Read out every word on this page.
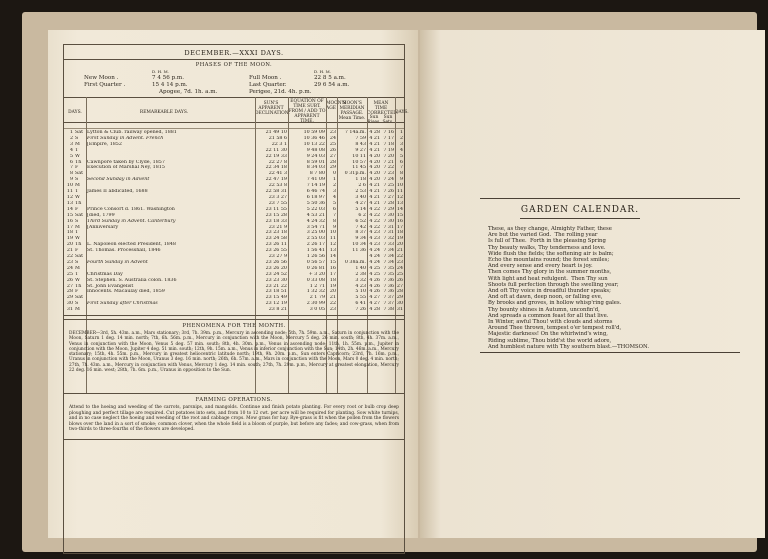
DECEMBER.—XXXI DAYS.
PHASES OF THE MOON.
D. H. M.	D. H. M.
New Moon .	7 4 56 p.m.
First Quarter .	15 4 14 p.m.
Full Moon .	22 8 5 a.m.
Last Quarter.	29 6 54 a.m.
Apogee, 7d. 1h. a.m.	Perigee, 21d. 4h. p.m.
DAYS.	REMARKABLE DAYS.
SUN'S APPARENT DECLINATION.
EQUATION OF TIME SUBT. FROM / ADD TO APPARENT TIME.
MOON'S AGE
MOON'S MERIDIAN PASSAGE. Mean Time.
MEAN TIME CORRECTED.
Sun Rises.
Sun Sets.
DAYS.
1	Sat	Lytton & Club. railway opened, 1881	21 49 10	10 59 09	23	7 14a.m.	4 28	7 16	1
2	S	First Sunday in Advent. French	21 58 6	10 36 46	24	7 59	4 21	7 17	2
3	M	[Empire, 1852	22 3 1	10 13 22	25	8 43	4 21	7 18	3
4	T		22 11 30	9 48 08	26	9 27	4 21	7 19	4
5	W		22 19 33	9 24 03	27	10 11	4 20	7 20	5
6	Th	Cawnpore taken by Clyde, 1857	22 27 8	8 59 01	28	10 57	4 20	7 21	6
7	F	Execution of Marshal Ney, 1815	22 34 18	8 34 03	29	11 45	4 20	7 22	7
8	Sat		22 41 3	8 7 80	0	0 31p.m.	4 20	7 23	8
9	S	Second Sunday in Advent	22 47 19	7 41 09	1	1 18	4 20	7 24	9
10	M		22 53 8	7 14 19	2	2 6	4 21	7 25	10
11	T	James II abdicated, 1688	22 58 31	6 46 74	3	2 53	4 21	7 26	11
12	W		23 3 27	6 18 97	4	3 40	4 21	7 27	12
13	Th		23 7 55	5 50 36	5	4 27	4 21	7 28	13
14	F	Prince Consort d. 1861. Washington	23 11 55	5 22 03	6	5 14	4 22	7 29	14
15	Sat	[died, 1799	23 15 28	4 53 21	7	6 2	4 22	7 30	15
16	S	Third Sunday in Advent. Canterbury	23 18 33	4 24 32	8	6 52	4 22	7 30	16
17	M	[Anniversary	23 21 9	3 54 71	9	7 42	4 22	7 31	17
18	T		23 23 18	3 25 00	10	8 37	4 23	7 31	18
19	W		23 24 58	2 55 03	11	9 34	4 23	7 32	19
20	Th	L. Napoleon elected President, 1848	23 26 11	2 26 17	12	10 34	4 23	7 33	20
21	F	St. Thomas. Processhall, 1846	23 26 55	1 56 41	13	11 36	4 24	7 34	21
22	Sat		23 27 9	1 26 56	14		4 24	7 34	22
23	S	Fourth Sunday in Advent	23 26 56	0 56 57	15	0 38a.m.	4 24	7 34	23
24	M		23 26 20	0 26 81	16	1 40	4 25	7 35	24
25	T	Christmas Day	23 24 52	+ 3 20	17	2 38	4 25	7 35	25
26	W	St. Stephen. S. Australia colon. 1836	23 23 30	0 33 08	18	3 32	4 26	7 36	26
27	Th	St. John Evangelist	23 21 22	1 2 71	19	4 23	4 26	7 36	27
28	F	Innocents. Macaulay died, 1859	23 18 51	1 32 32	20	5 10	4 26	7 36	28
29	Sat		23 15 49	2 1 79	21	5 55	4 27	7 37	29
30	S	First Sunday after Christmas	23 12 19	2 30 99	22	6 41	4 27	7 37	30
31	M		23 8 21	3 0 05	23	7 26	4 28	7 38	31
PHENOMENA FOR THE MONTH.
DECEMBER—3rd, 5h. 43m. a.m., Mars stationary; 3rd, 7h. 39m. p.m., Mercury in ascending node; 5th, 7h. 59m. a.m., Saturn in conjunction with the Moon, Saturn 1 deg. 14 min. north; 7th, 6h. 56m. p.m., Mercury in conjunction with the Moon, Mercury 5 deg. 26 min. south; 8th, 4h. 37m. a.m., Venus in conjunction with the Moon, Venus 5 deg. 57 min. south; 8th, 4h. 30m. p.m., Venus in ascending node; 11th, 1h. 55m. p.m., Jupiter in conjunction with the Moon, Jupiter 4 deg. 51 min. south; 12th, 9h. 15m. a.m., Venus in inferior conjunction with the Sun; 14th, 2h. 46m. a.m., Mercury stationary; 15th, 4h. 55m. p.m., Mercury in greatest heliocentric latitude north; 19th, 9h. 20m. p.m., Sun enters Capricorn; 23rd, 7h. 16m. p.m., Uranus in conjunction with the Moon, Uranus 3 deg. 16 min. north; 26th, 6h. 57m. a.m., Mars in conjunction with the Moon, Mars 0 deg. 4 min. north; 27th, 7h. 43m. a.m., Mercury in conjunction with Venus, Mercury 1 deg. 14 min. south; 27th, 7h. 29m. p.m., Mercury at greatest elongation, Mercury 22 deg. 16 min. west; 28th, 7h. 6m. p.m., Uranus in opposition to the Sun.
FARMING OPERATIONS.
Attend to the hoeing and weeding of the carrots, parsnips, and mangolds. Continue and finish potato planting. For every root or bulb crop deep ploughing and perfect tillage are required. Cut potatoes into sets, and from 10 to 12 cwt. per acre will be required for planting. Sow white turnips, and in no case neglect the hoeing and weeding of the root and cabbage crops. Mow grass for hay. Rye-grass is fit when the pollen from the flowers blows over the land in a sort of smoke; common clover, when the whole field is a bloom of purple, but before any fades; and cow-grass, when from two-thirds to three-fourths of the flowers are developed.
GARDEN CALENDAR.
These, as they change, Almighty Father, these
Are but the varied God.  The rolling year
Is full of Thee.  Forth in the pleasing Spring
Thy beauty walks, Thy tenderness and love.
Wide flush the fields; the softening air is balm;
Echo the mountains round; the forest smiles;
And every sense and every heart is joy.
Then comes Thy glory in the summer months,
With light and heat refulgent.  Then Thy sun
Shoots full perfection through the swelling year;
And oft Thy voice in dreadful thunder speaks;
And oft at dawn, deep noon, or falling eve,
By brooks and groves, in hollow whisp'ring gales.
Thy bounty shines in Autumn, unconfin'd,
And spreads a common feast for all that live.
In Winter, awful Thou! with clouds and storms
Around Thee thrown, tempest o'er tempest roll'd,
Majestic darkness! On the whirlwind's wing,
Riding sublime, Thou bidd'st the world adore,
And humblest nature with Thy southern blast.—THOMSON.
